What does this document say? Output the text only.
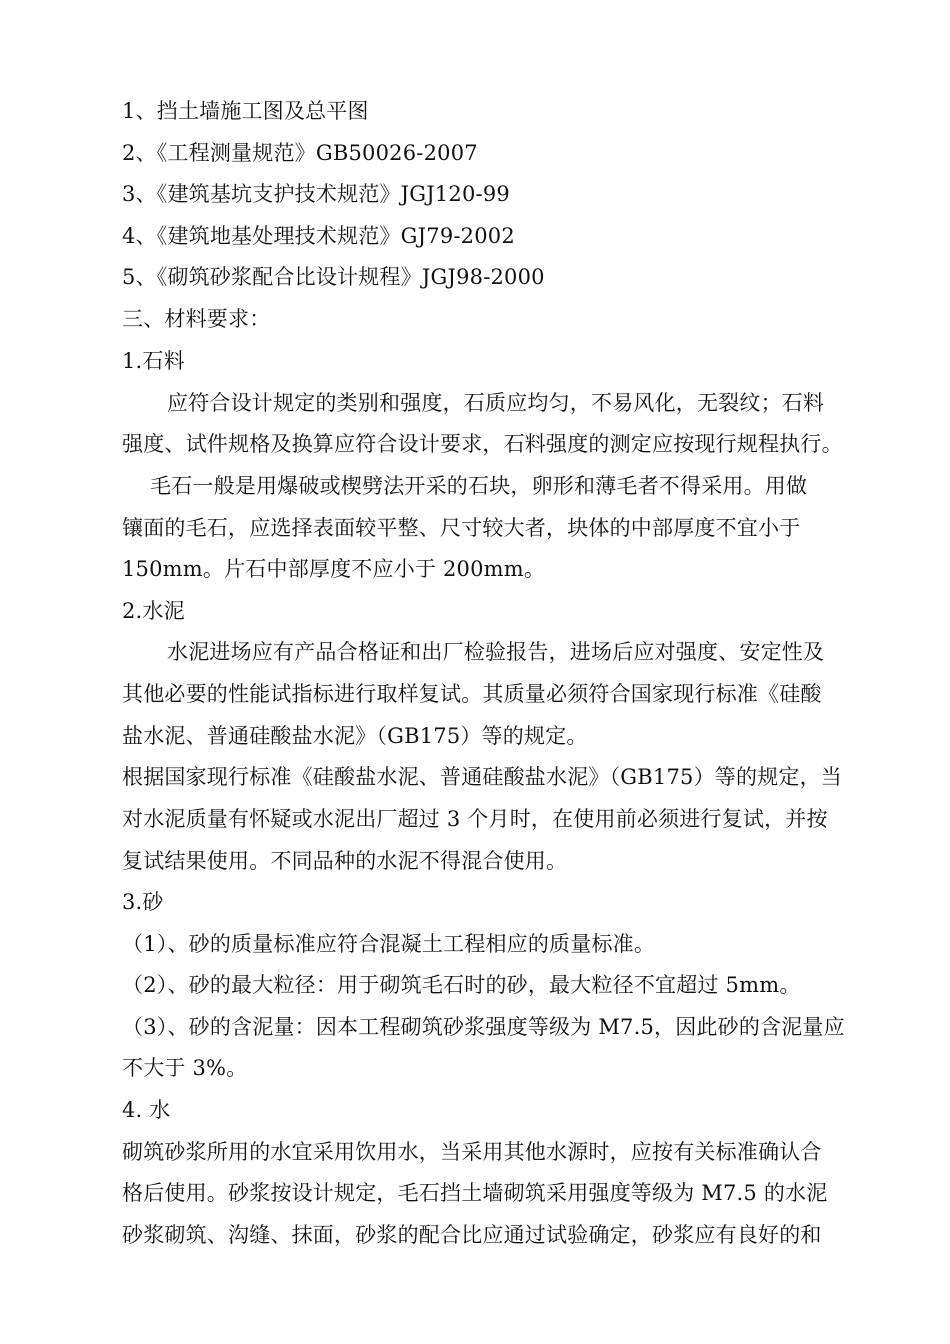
1、挡土墙施工图及总平图
2、《工程测量规范》GB50026-2007
3、《建筑基坑支护技术规范》JGJ120-99
4、《建筑地基处理技术规范》GJ79-2002
5、《砌筑砂浆配合比设计规程》JGJ98-2000
三、材料要求：
1.石料
应符合设计规定的类别和强度，石质应均匀，不易风化，无裂纹；石料
强度、试件规格及换算应符合设计要求，石料强度的测定应按现行规程执行。
毛石一般是用爆破或楔劈法开采的石块，卵形和薄毛者不得采用。用做
镶面的毛石，应选择表面较平整、尺寸较大者，块体的中部厚度不宜小于
150mm。片石中部厚度不应小于 200mm。
2.水泥
水泥进场应有产品合格证和出厂检验报告，进场后应对强度、安定性及
其他必要的性能试指标进行取样复试。其质量必须符合国家现行标准《硅酸
盐水泥、普通硅酸盐水泥》（GB175）等的规定。
根据国家现行标准《硅酸盐水泥、普通硅酸盐水泥》（GB175）等的规定，当
对水泥质量有怀疑或水泥出厂超过 3 个月时，在使用前必须进行复试，并按
复试结果使用。不同品种的水泥不得混合使用。
3.砂
（1）、砂的质量标准应符合混凝土工程相应的质量标准。
（2）、砂的最大粒径：用于砌筑毛石时的砂，最大粒径不宜超过 5mm。
（3）、砂的含泥量：因本工程砌筑砂浆强度等级为 M7.5，因此砂的含泥量应
不大于 3%。
4. 水
砌筑砂浆所用的水宜采用饮用水，当采用其他水源时，应按有关标准确认合
格后使用。砂浆按设计规定，毛石挡土墙砌筑采用强度等级为 M7.5 的水泥
砂浆砌筑、沟缝、抹面，砂浆的配合比应通过试验确定，砂浆应有良好的和
